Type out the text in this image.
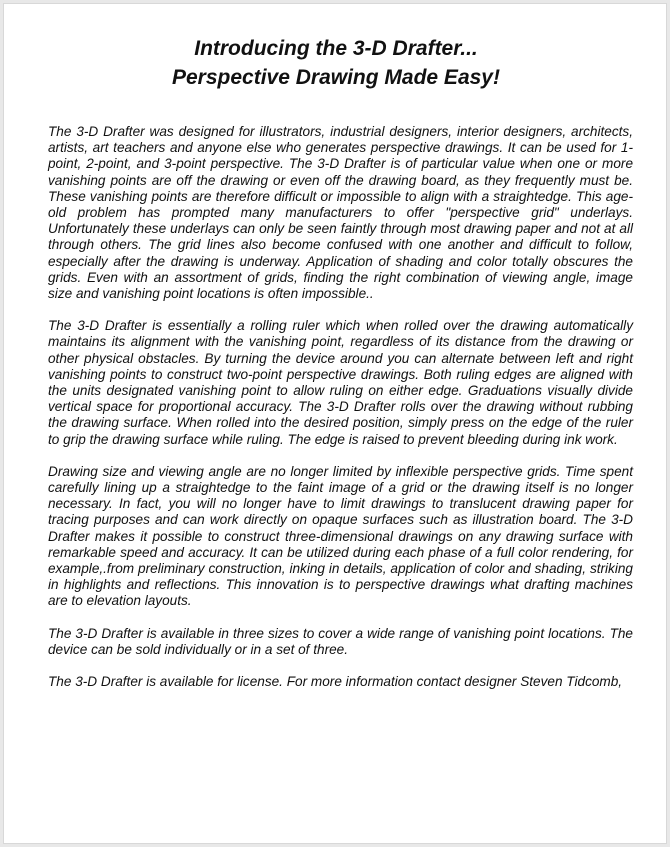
Introducing the 3-D Drafter...
Perspective Drawing Made Easy!

The 3-D Drafter was designed for illustrators, industrial designers, interior designers, architects, artists, art teachers and anyone else who generates perspective drawings. It can be used for 1-point, 2-point, and 3-point perspective. The 3-D Drafter is of particular value when one or more vanishing points are off the drawing or even off the drawing board, as they frequently must be. These vanishing points are therefore difficult or impossible to align with a straightedge. This age-old problem has prompted many manufacturers to offer "perspective grid" underlays. Unfortunately these underlays can only be seen faintly through most drawing paper and not at all through others. The grid lines also become confused with one another and difficult to follow, especially after the drawing is underway. Application of shading and color totally obscures the grids. Even with an assortment of grids, finding the right combination of viewing angle, image size and vanishing point locations is often impossible..

The 3-D Drafter is essentially a rolling ruler which when rolled over the drawing automatically maintains its alignment with the vanishing point, regardless of its distance from the drawing or other physical obstacles. By turning the device around you can alternate between left and right vanishing points to construct two-point perspective drawings. Both ruling edges are aligned with the units designated vanishing point to allow ruling on either edge. Graduations visually divide vertical space for proportional accuracy. The 3-D Drafter rolls over the drawing without rubbing the drawing surface. When rolled into the desired position, simply press on the edge of the ruler to grip the drawing surface while ruling. The edge is raised to prevent bleeding during ink work.

Drawing size and viewing angle are no longer limited by inflexible perspective grids. Time spent carefully lining up a straightedge to the faint image of a grid or the drawing itself is no longer necessary. In fact, you will no longer have to limit drawings to translucent drawing paper for tracing purposes and can work directly on opaque surfaces such as illustration board. The 3-D Drafter makes it possible to construct three-dimensional drawings on any drawing surface with remarkable speed and accuracy. It can be utilized during each phase of a full color rendering, for example,.from preliminary construction, inking in details, application of color and shading, striking in highlights and reflections. This innovation is to perspective drawings what drafting machines are to elevation layouts.

The 3-D Drafter is available in three sizes to cover a wide range of vanishing point locations. The device can be sold individually or in a set of three.

The 3-D Drafter is available for license. For more information contact designer Steven Tidcomb,
